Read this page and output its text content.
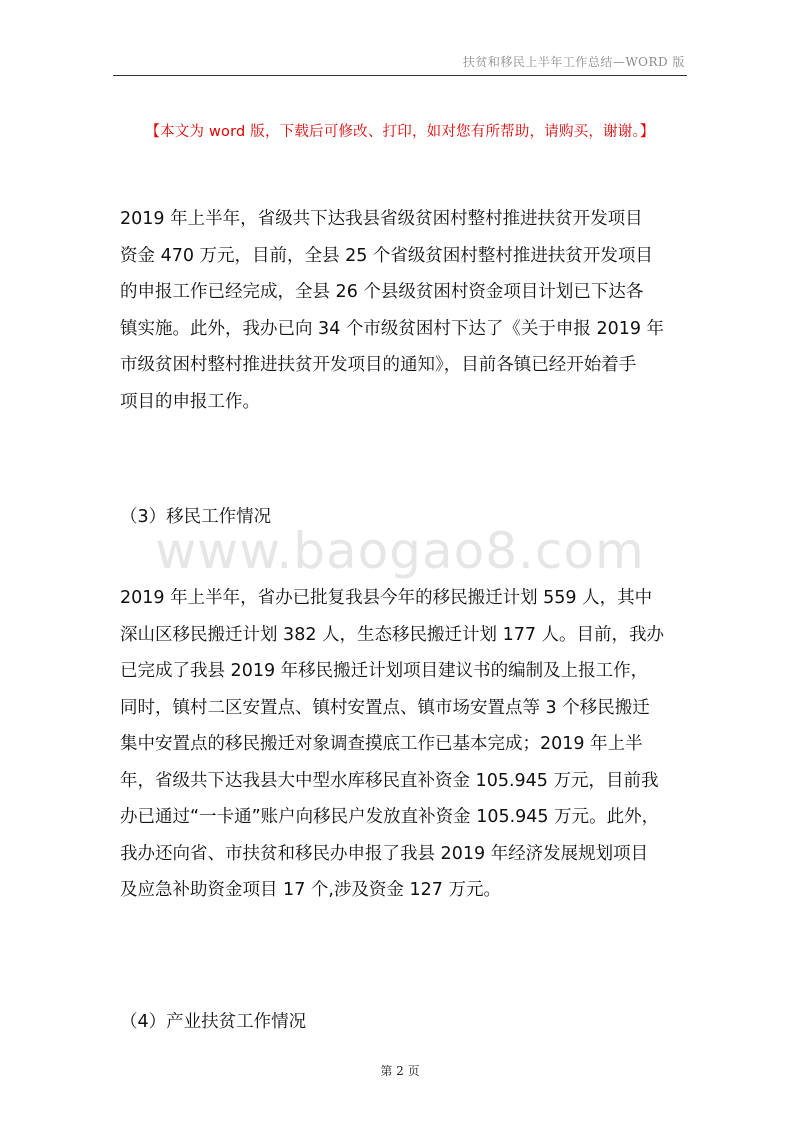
扶贫和移民上半年工作总结—WORD 版
【本文为 word 版，下载后可修改、打印，如对您有所帮助，请购买，谢谢。】
2019 年上半年，省级共下达我县省级贫困村整村推进扶贫开发项目
资金 470 万元，目前，全县 25 个省级贫困村整村推进扶贫开发项目
的申报工作已经完成，全县 26 个县级贫困村资金项目计划已下达各
镇实施。此外，我办已向 34 个市级贫困村下达了《关于申报 2019 年
市级贫困村整村推进扶贫开发项目的通知》，目前各镇已经开始着手
项目的申报工作。
（3）移民工作情况
www.baogao8.com
2019 年上半年，省办已批复我县今年的移民搬迁计划 559 人，其中
深山区移民搬迁计划 382 人，生态移民搬迁计划 177 人。目前，我办
已完成了我县 2019 年移民搬迁计划项目建议书的编制及上报工作，
同时，镇村二区安置点、镇村安置点、镇市场安置点等 3 个移民搬迁
集中安置点的移民搬迁对象调查摸底工作已基本完成；2019 年上半
年，省级共下达我县大中型水库移民直补资金 105.945 万元，目前我
办已通过“一卡通”账户向移民户发放直补资金 105.945 万元。此外，
我办还向省、市扶贫和移民办申报了我县 2019 年经济发展规划项目
及应急补助资金项目 17 个,涉及资金 127 万元。
（4）产业扶贫工作情况
第 2 页
